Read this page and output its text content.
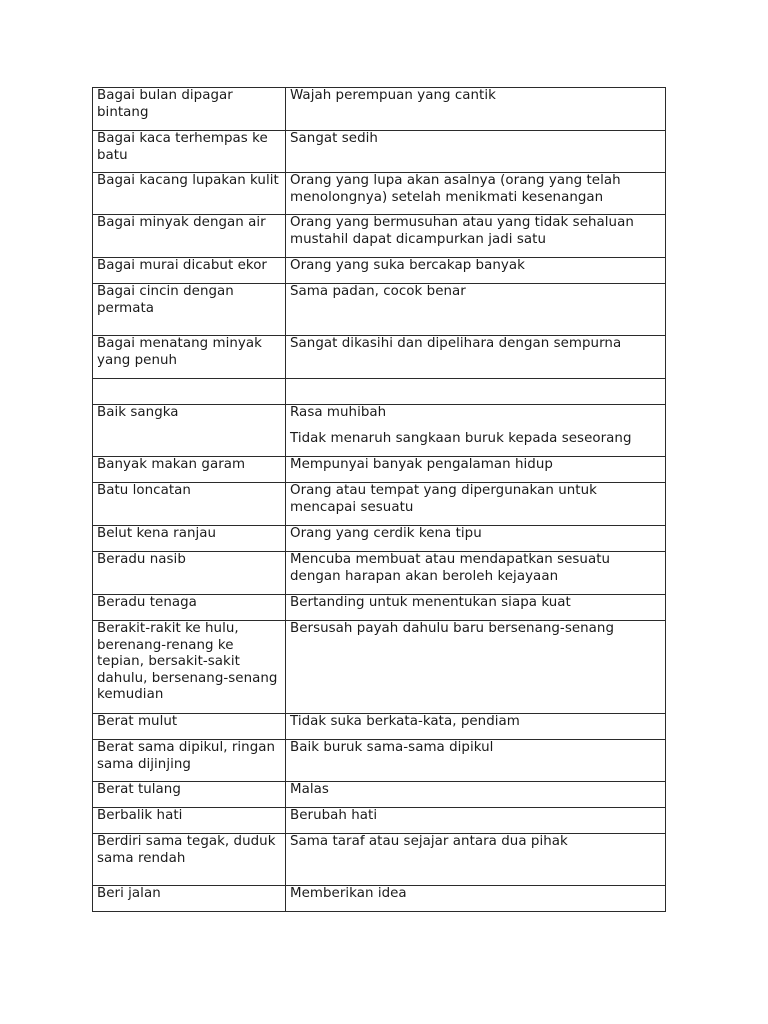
Bagai bulan dipagar bintang	Wajah perempuan yang cantik

Bagai kaca terhempas ke batu	Sangat sedih

Bagai kacang lupakan kulit	Orang yang lupa akan asalnya (orang yang telah menolongnya) setelah menikmati kesenangan

Bagai minyak dengan air	Orang yang bermusuhan atau yang tidak sehaluan mustahil dapat dicampurkan jadi satu

Bagai murai dicabut ekor	Orang yang suka bercakap banyak

Bagai cincin dengan permata	Sama padan, cocok benar

Bagai menatang minyak yang penuh	Sangat dikasihi dan dipelihara dengan sempurna

Baik sangka	Rasa muhibah
Tidak menaruh sangkaan buruk kepada seseorang

Banyak makan garam	Mempunyai banyak pengalaman hidup

Batu loncatan	Orang atau tempat yang dipergunakan untuk mencapai sesuatu

Belut kena ranjau	Orang yang cerdik kena tipu

Beradu nasib	Mencuba membuat atau mendapatkan sesuatu dengan harapan akan beroleh kejayaan

Beradu tenaga	Bertanding untuk menentukan siapa kuat

Berakit-rakit ke hulu, berenang-renang ke tepian, bersakit-sakit dahulu, bersenang-senang kemudian	Bersusah payah dahulu baru bersenang-senang

Berat mulut	Tidak suka berkata-kata, pendiam

Berat sama dipikul, ringan sama dijinjing	Baik buruk sama-sama dipikul

Berat tulang	Malas

Berbalik hati	Berubah hati

Berdiri sama tegak, duduk sama rendah	Sama taraf atau sejajar antara dua pihak

Beri jalan	Memberikan idea
